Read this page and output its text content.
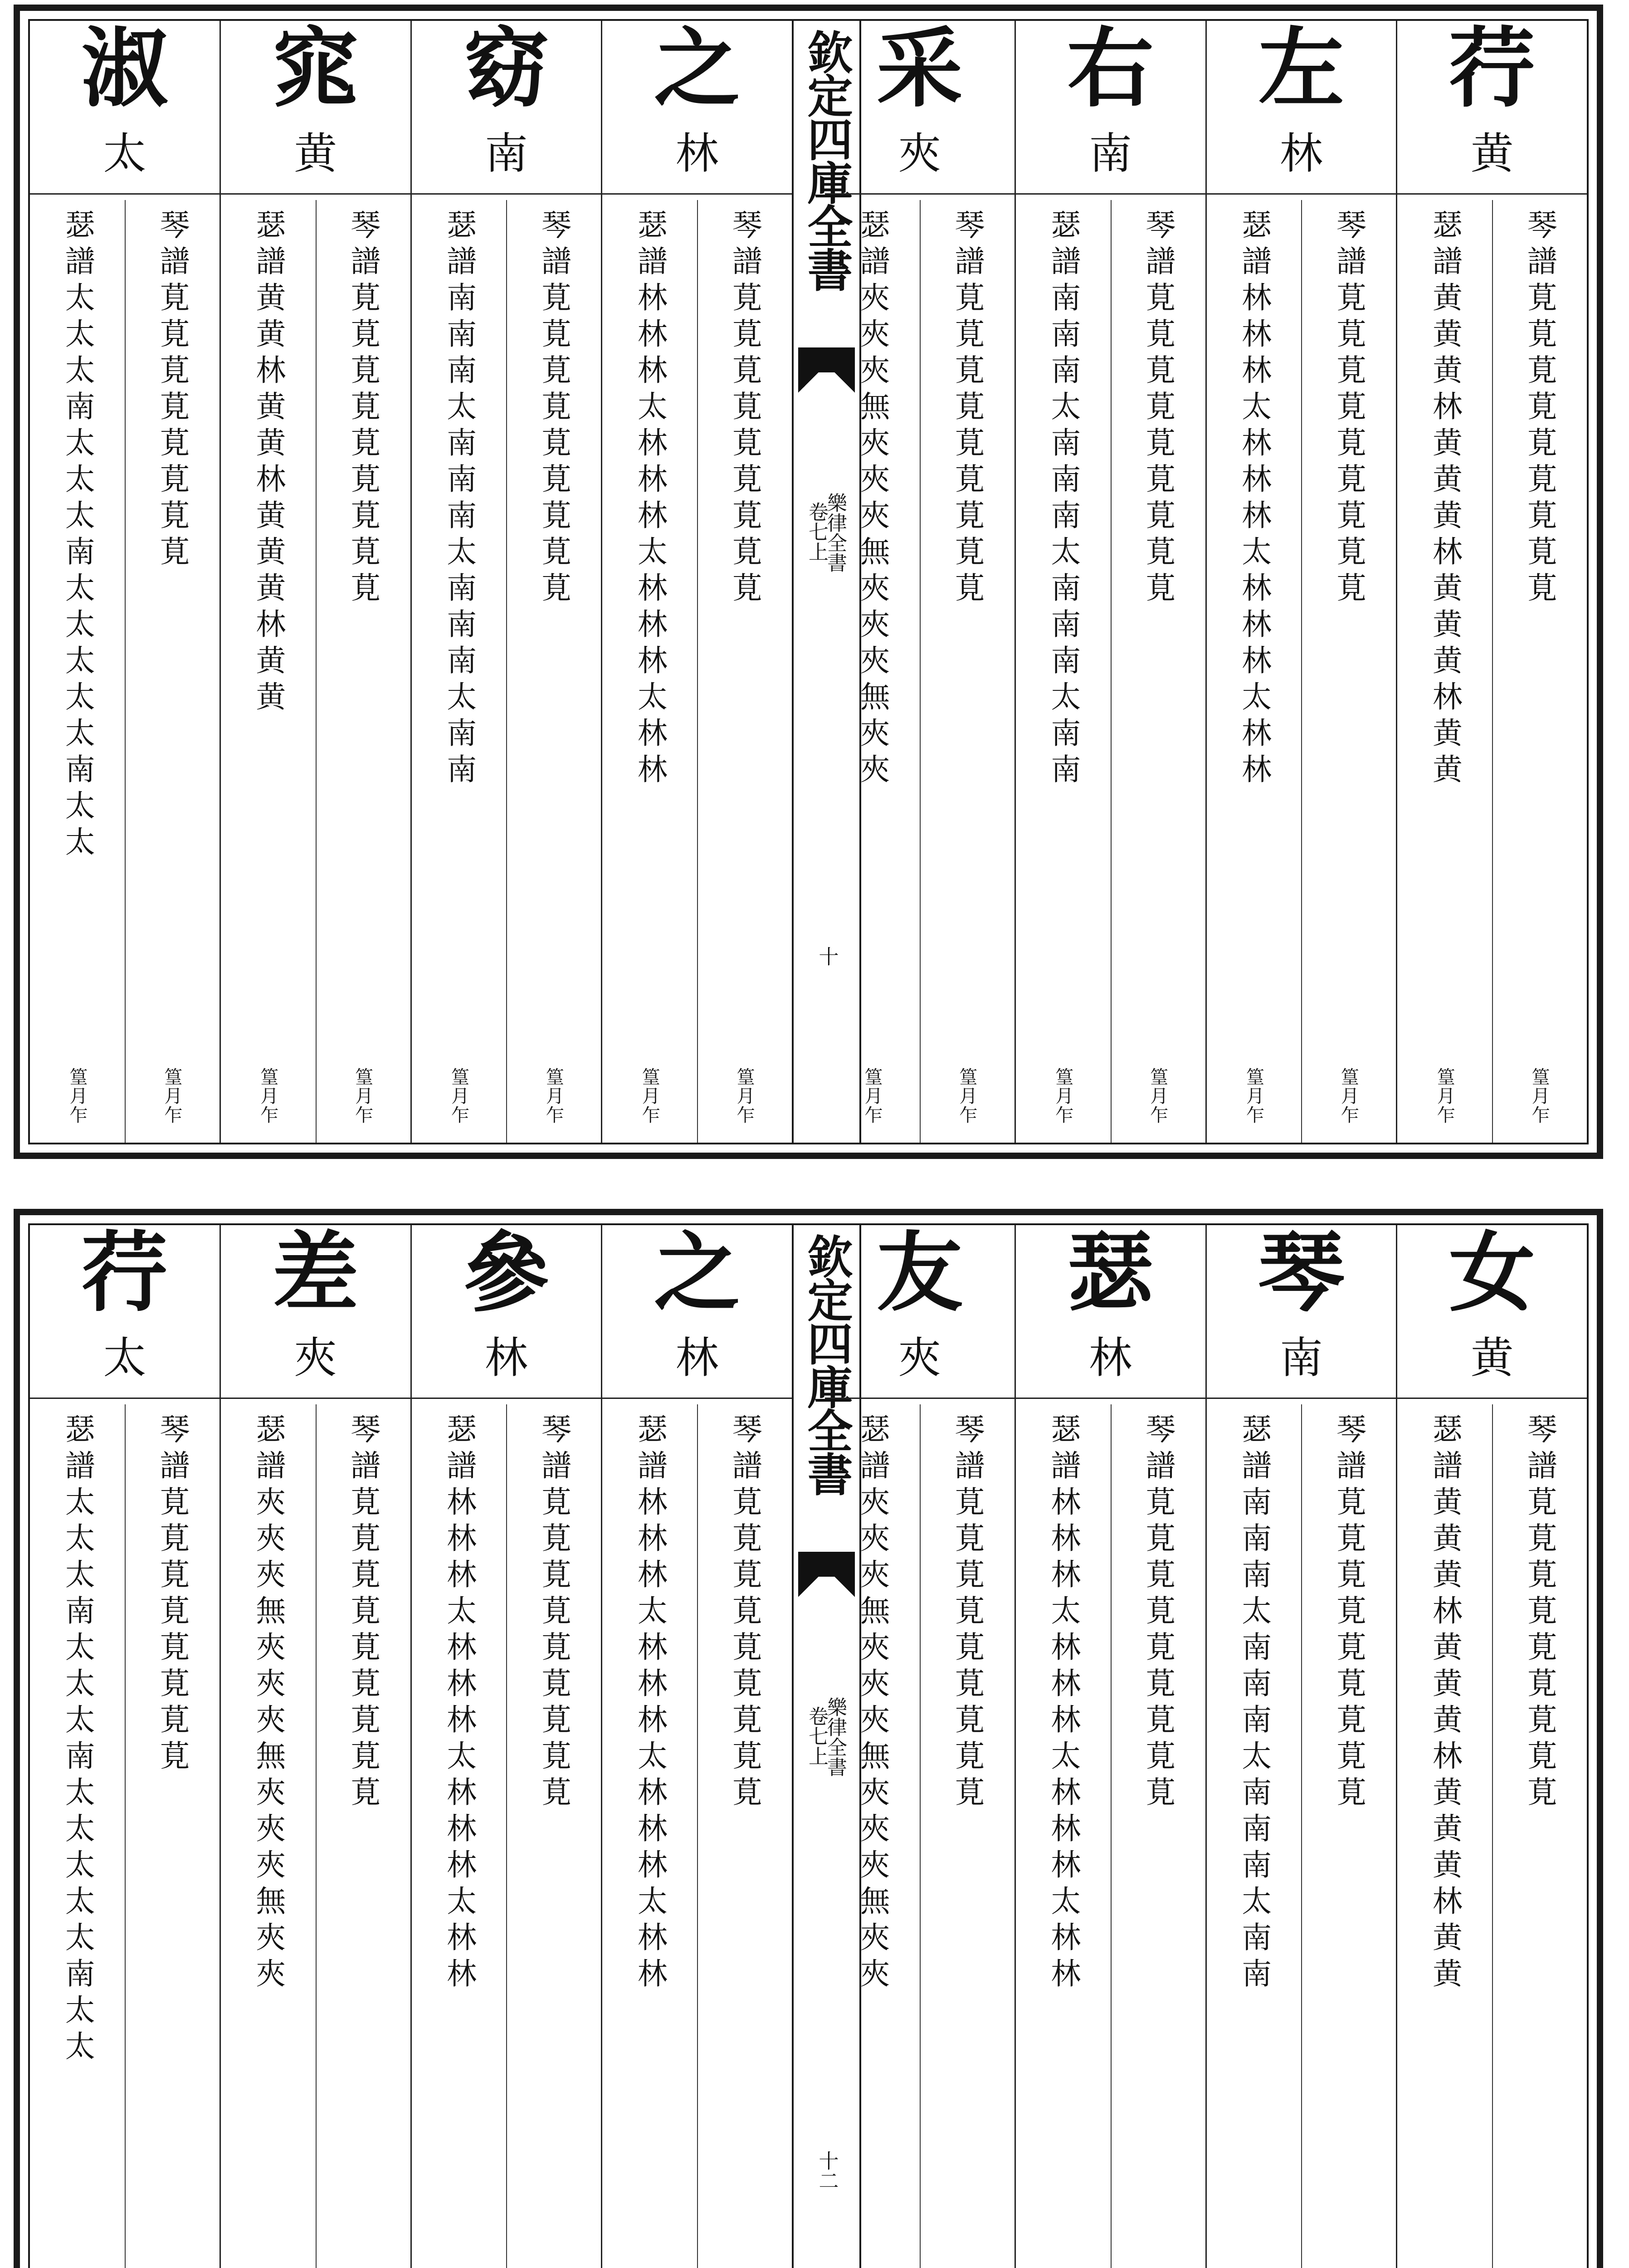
淑
太
瑟譜太太太南太太太南太太太太太南太太
篁月乍
琴譜莧莧莧莧莧莧莧莧
篁月乍
窕
黄
瑟譜黄黄林黄黄林黄黄黄林黄黄
篁月乍
琴譜莧莧莧莧莧莧莧莧莧
篁月乍
窈
南
瑟譜南南南太南南南太南南南太南南
篁月乍
琴譜莧莧莧莧莧莧莧莧莧
篁月乍
之
林
瑟譜林林林太林林林太林林林太林林
篁月乍
琴譜莧莧莧莧莧莧莧莧莧
篁月乍
欽定四庫全書
樂律全書
卷七上
十
采
夾
瑟譜夾夾夾無夾夾夾無夾夾夾無夾夾
篁月乍
琴譜莧莧莧莧莧莧莧莧莧
篁月乍
右
南
瑟譜南南南太南南南太南南南太南南
篁月乍
琴譜莧莧莧莧莧莧莧莧莧
篁月乍
左
林
瑟譜林林林太林林林太林林林太林林
篁月乍
琴譜莧莧莧莧莧莧莧莧莧
篁月乍
荇
黄
瑟譜黄黄黄林黄黄黄林黄黄黄林黄黄
篁月乍
琴譜莧莧莧莧莧莧莧莧莧
篁月乍
荇
太
瑟譜太太太南太太太南太太太太太南太太 琴譜莧莧莧莧莧莧莧莧
差
夾
瑟譜夾夾夾無夾夾夾無夾夾夾無夾夾 琴譜莧莧莧莧莧莧莧莧莧
參
林
瑟譜林林林太林林林太林林林太林林 琴譜莧莧莧莧莧莧莧莧莧
之
林
瑟譜林林林太林林林太林林林太林林 琴譜莧莧莧莧莧莧莧莧莧
欽定四庫全書
樂律全書
卷七上
十二
友
夾
瑟譜夾夾夾無夾夾夾無夾夾夾無夾夾 琴譜莧莧莧莧莧莧莧莧莧
瑟
林
瑟譜林林林太林林林太林林林太林林 琴譜莧莧莧莧莧莧莧莧莧
琴
南
瑟譜南南南太南南南太南南南太南南 琴譜莧莧莧莧莧莧莧莧莧
女
黄
瑟譜黄黄黄林黄黄黄林黄黄黄林黄黄 琴譜莧莧莧莧莧莧莧莧莧
